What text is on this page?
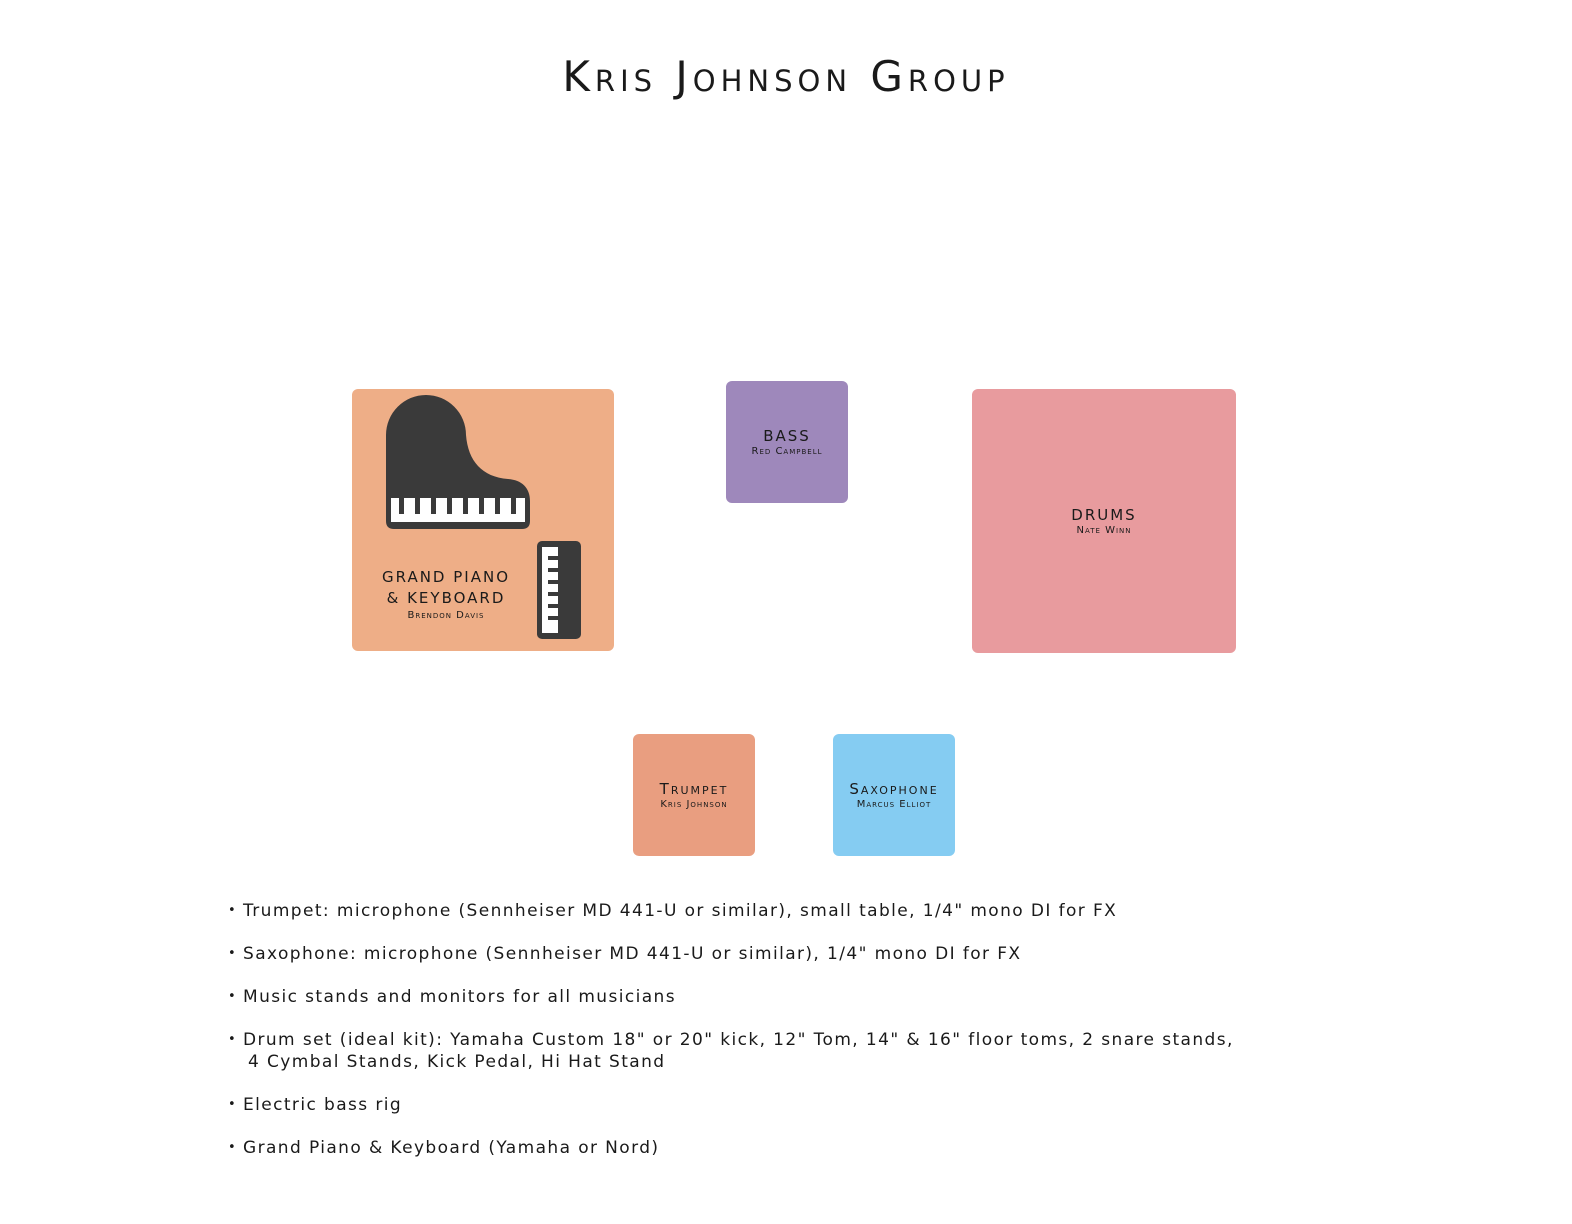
Kris Johnson Group
GRAND PIANO
& KEYBOARD
Brendon Davis
BASS
Red Campbell
DRUMS
Nate Winn
Trumpet
Kris Johnson
Saxophone
Marcus Elliot
• Trumpet: microphone (Sennheiser MD 441-U or similar), small table, 1/4" mono DI for FX
• Saxophone: microphone (Sennheiser MD 441-U or similar), 1/4" mono DI for FX
• Music stands and monitors for all musicians
• Drum set (ideal kit): Yamaha Custom 18" or 20" kick, 12" Tom, 14" & 16" floor toms, 2 snare stands,
4 Cymbal Stands, Kick Pedal, Hi Hat Stand
• Electric bass rig
• Grand Piano & Keyboard (Yamaha or Nord)
